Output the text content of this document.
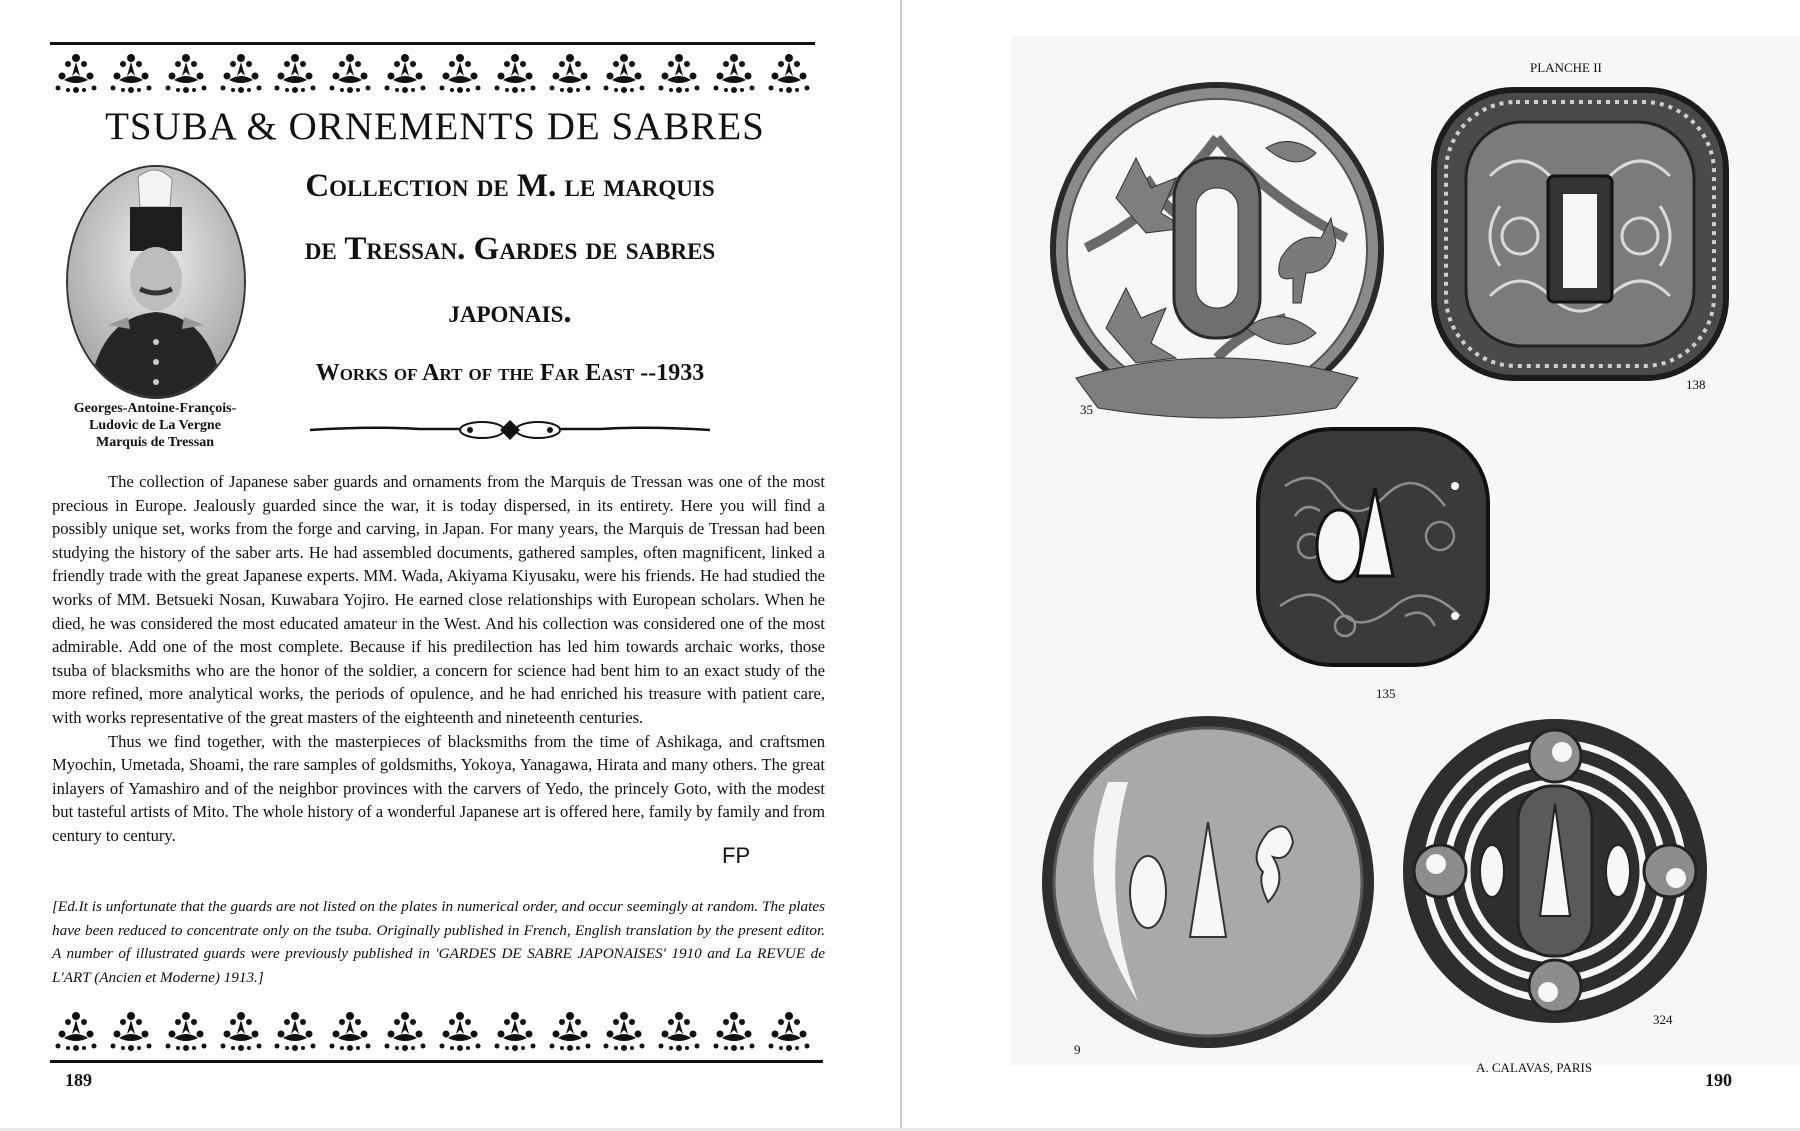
TSUBA & ORNEMENTS DE SABRES
Georges-Antoine-François-
Ludovic de La Vergne
Marquis de Tressan
Collection de M. le marquis
de Tressan. Gardes de sabres
japonais.
Works of Art of the Far East --1933

The collection of Japanese saber guards and ornaments from the Marquis de Tressan was one of the most precious in Europe. Jealously guarded since the war, it is today dispersed, in its entirety. Here you will find a possibly unique set, works from the forge and carving, in Japan. For many years, the Marquis de Tressan had been studying the history of the saber arts. He had assembled documents, gathered samples, often magnificent, linked a friendly trade with the great Japanese experts. MM. Wada, Akiyama Kiyusaku, were his friends. He had studied the works of MM. Betsueki Nosan, Kuwabara Yojiro. He earned close relationships with European scholars. When he died, he was considered the most educated amateur in the West. And his collection was considered one of the most admirable. Add one of the most complete. Because if his predilection has led him towards archaic works, those tsuba of blacksmiths who are the honor of the soldier, a concern for science had bent him to an exact study of the more refined, more analytical works, the periods of opulence, and he had enriched his treasure with patient care, with works representative of the great masters of the eighteenth and nineteenth centuries.

Thus we find together, with the masterpieces of blacksmiths from the time of Ashikaga, and craftsmen Myochin, Umetada, Shoami, the rare samples of goldsmiths, Yokoya, Yanagawa, Hirata and many others. The great inlayers of Yamashiro and of the neighbor provinces with the carvers of Yedo, the princely Goto, with the modest but tasteful artists of Mito. The whole history of a wonderful Japanese art is offered here, family by family and from century to century.

FP
[Ed.It is unfortunate that the guards are not listed on the plates in numerical order, and occur seemingly at random. The plates have been reduced to concentrate only on the tsuba. Originally published in French, English translation by the present editor. A number of illustrated guards were previously published in 'GARDES DE SABRE JAPONAISES' 1910 and La REVUE de L'ART (Ancien et Moderne) 1913.]
189
PLANCHE II
35
138
135
9
324
A. CALAVAS, PARIS
190
